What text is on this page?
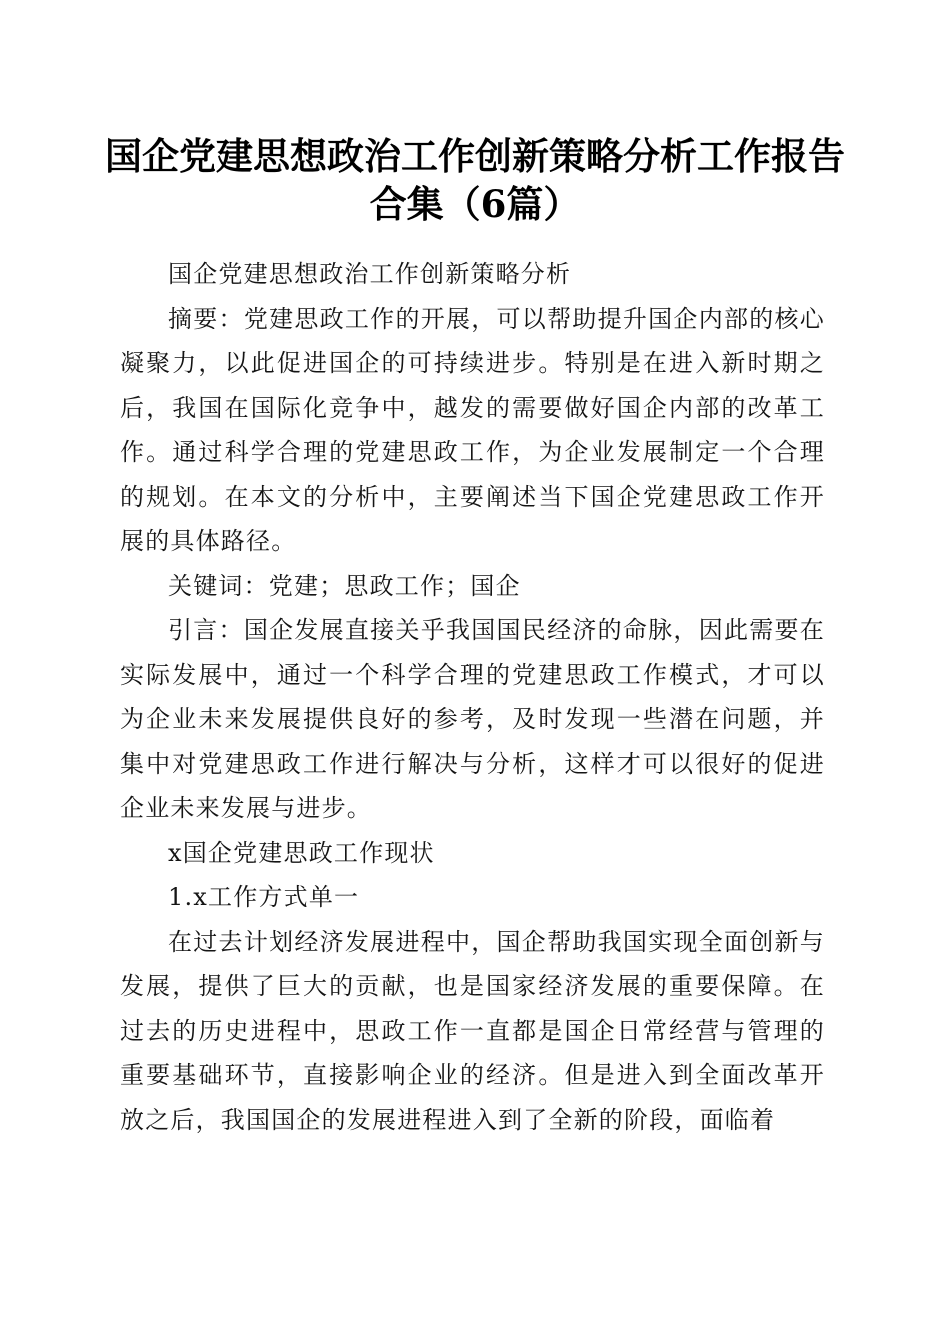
国企党建思想政治工作创新策略分析工作报告
合集（6篇）

国企党建思想政治工作创新策略分析

摘要：党建思政工作的开展，可以帮助提升国企内部的核心凝聚力，以此促进国企的可持续进步。特别是在进入新时期之后，我国在国际化竞争中，越发的需要做好国企内部的改革工作。通过科学合理的党建思政工作，为企业发展制定一个合理的规划。在本文的分析中，主要阐述当下国企党建思政工作开展的具体路径。

关键词：党建；思政工作；国企

引言：国企发展直接关乎我国国民经济的命脉，因此需要在实际发展中，通过一个科学合理的党建思政工作模式，才可以为企业未来发展提供良好的参考，及时发现一些潜在问题，并集中对党建思政工作进行解决与分析，这样才可以很好的促进企业未来发展与进步。

x国企党建思政工作现状

1.x工作方式单一

在过去计划经济发展进程中，国企帮助我国实现全面创新与发展，提供了巨大的贡献，也是国家经济发展的重要保障。在过去的历史进程中，思政工作一直都是国企日常经营与管理的重要基础环节，直接影响企业的经济。但是进入到全面改革开放之后，我国国企的发展进程进入到了全新的阶段，面临着
